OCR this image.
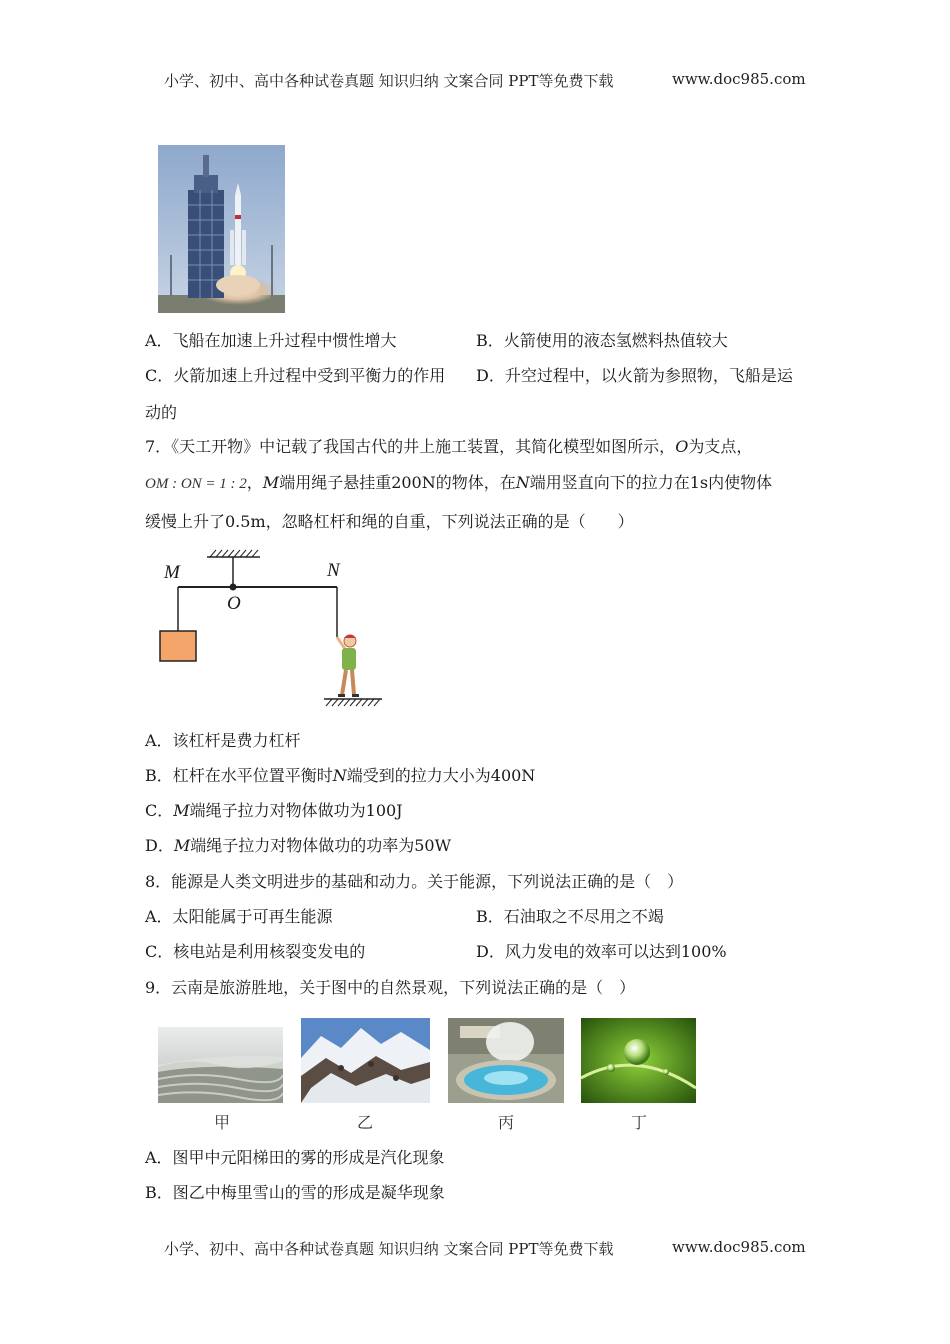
小学、初中、高中各种试卷真题 知识归纳 文案合同 PPT等免费下载	www.doc985.com
A．飞船在加速上升过程中惯性增大	B．火箭使用的液态氢燃料热值较大
C．火箭加速上升过程中受到平衡力的作用 D．升空过程中，以火箭为参照物，飞船是运
动的
7．《天工开物》中记载了我国古代的井上施工装置，其简化模型如图所示，O为支点，
OM : ON = 1 : 2，M端用绳子悬挂重200N的物体，在N端用竖直向下的拉力在1s内使物体
缓慢上升了0.5m，忽略杠杆和绳的自重，下列说法正确的是（　　）
M	N
O
A．该杠杆是费力杠杆
B．杠杆在水平位置平衡时N端受到的拉力大小为400N
C．M端绳子拉力对物体做功为100J
D．M端绳子拉力对物体做功的功率为50W
8．能源是人类文明进步的基础和动力。关于能源，下列说法正确的是（　）
A．太阳能属于可再生能源	B．石油取之不尽用之不竭
C．核电站是利用核裂变发电的	D．风力发电的效率可以达到100%
9．云南是旅游胜地，关于图中的自然景观，下列说法正确的是（　）
甲	乙	丙	丁
A．图甲中元阳梯田的雾的形成是汽化现象
B．图乙中梅里雪山的雪的形成是凝华现象
小学、初中、高中各种试卷真题 知识归纳 文案合同 PPT等免费下载	www.doc985.com
